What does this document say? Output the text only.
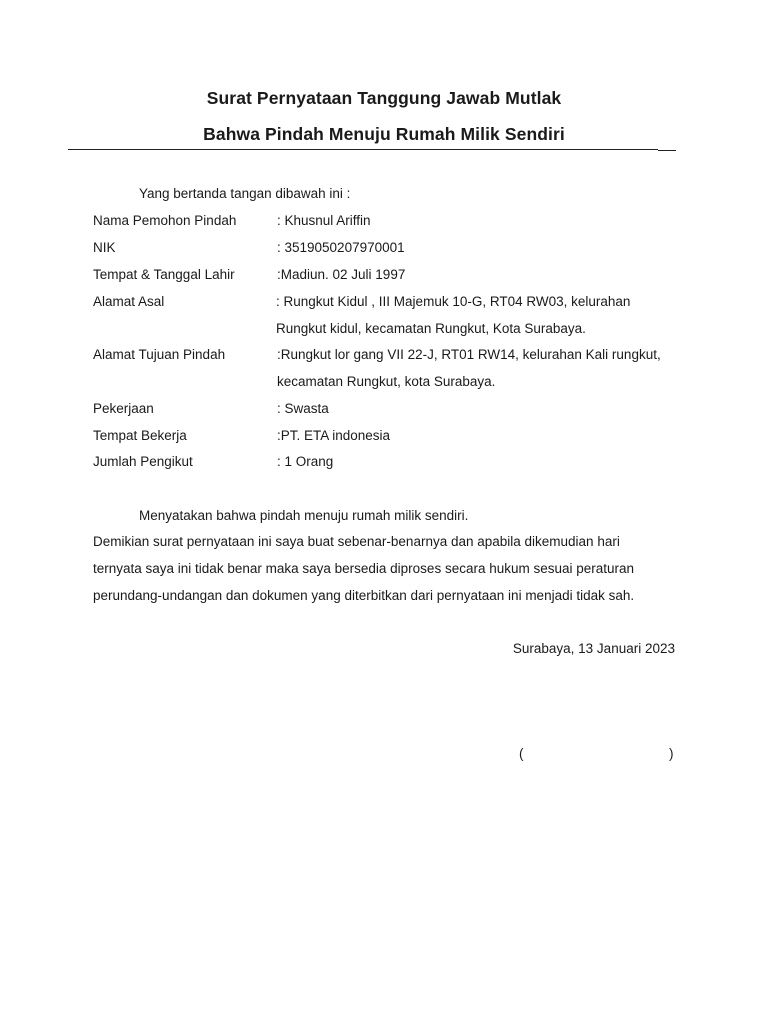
Surat Pernyataan Tanggung Jawab Mutlak
Bahwa Pindah Menuju Rumah Milik Sendiri
Yang bertanda tangan dibawah ini :
Nama Pemohon Pindah	: Khusnul Ariffin
NIK	: 3519050207970001
Tempat & Tanggal Lahir	:Madiun. 02 Juli 1997
Alamat Asal	: Rungkut Kidul , III Majemuk 10-G, RT04 RW03, kelurahan
Rungkut kidul, kecamatan Rungkut, Kota Surabaya.
Alamat Tujuan Pindah	:Rungkut lor gang VII 22-J, RT01 RW14, kelurahan Kali rungkut,
kecamatan Rungkut, kota Surabaya.
Pekerjaan	: Swasta
Tempat Bekerja	:PT. ETA indonesia
Jumlah Pengikut	: 1 Orang
Menyatakan bahwa pindah menuju rumah milik sendiri.
Demikian surat pernyataan ini saya buat sebenar-benarnya dan apabila dikemudian hari
ternyata saya ini tidak benar maka saya bersedia diproses secara hukum sesuai peraturan
perundang-undangan dan dokumen yang diterbitkan dari pernyataan ini menjadi tidak sah.
Surabaya, 13 Januari 2023
(	)
